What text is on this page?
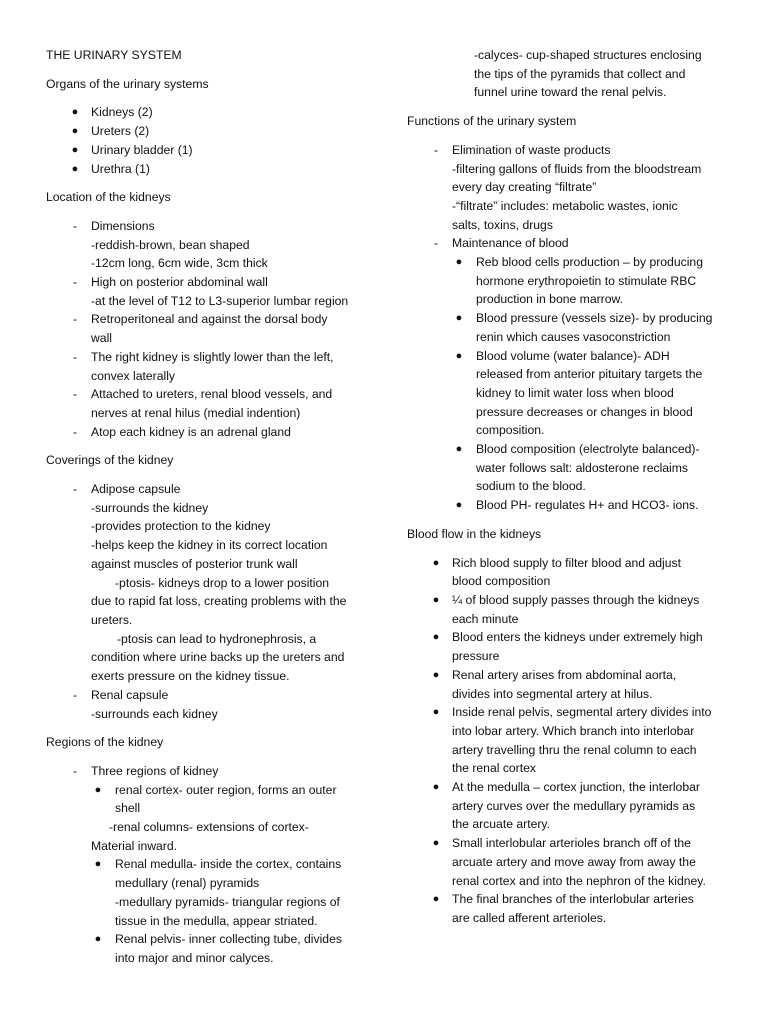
THE URINARY SYSTEM

Organs of the urinary systems

●	Kidneys (2)
●	Ureters (2)
●	Urinary bladder (1)
●	Urethra (1)

Location of the kidneys

-	Dimensions
-reddish-brown, bean shaped
-12cm long, 6cm wide, 3cm thick
-	High on posterior abdominal wall
-at the level of T12 to L3-superior lumbar region
-	Retroperitoneal and against the dorsal body
wall
-	The right kidney is slightly lower than the left,
convex laterally
-	Attached to ureters, renal blood vessels, and
nerves at renal hilus (medial indention)
-	Atop each kidney is an adrenal gland

Coverings of the kidney

-	Adipose capsule
-surrounds the kidney
-provides protection to the kidney
-helps keep the kidney in its correct location
against muscles of posterior trunk wall
-ptosis- kidneys drop to a lower position
due to rapid fat loss, creating problems with the
ureters.
-ptosis can lead to hydronephrosis, a
condition where urine backs up the ureters and
exerts pressure on the kidney tissue.
-	Renal capsule
-surrounds each kidney

Regions of the kidney

-	Three regions of kidney
● renal cortex- outer region, forms an outer
shell
-renal columns- extensions of cortex-
Material inward.
● Renal medulla- inside the cortex, contains
medullary (renal) pyramids
-medullary pyramids- triangular regions of
tissue in the medulla, appear striated.
● Renal pelvis- inner collecting tube, divides
into major and minor calyces.
-calyces- cup-shaped structures enclosing
the tips of the pyramids that collect and
funnel urine toward the renal pelvis.

Functions of the urinary system

-	Elimination of waste products
-filtering gallons of fluids from the bloodstream
every day creating “filtrate”
-“filtrate” includes: metabolic wastes, ionic
salts, toxins, drugs
-	Maintenance of blood
● Reb blood cells production – by producing
hormone erythropoietin to stimulate RBC
production in bone marrow.
● Blood pressure (vessels size)- by producing
renin which causes vasoconstriction
● Blood volume (water balance)- ADH
released from anterior pituitary targets the
kidney to limit water loss when blood
pressure decreases or changes in blood
composition.
● Blood composition (electrolyte balanced)-
water follows salt: aldosterone reclaims
sodium to the blood.
● Blood PH- regulates H+ and HCO3- ions.

Blood flow in the kidneys

●	Rich blood supply to filter blood and adjust
blood composition
●	¼ of blood supply passes through the kidneys
each minute
●	Blood enters the kidneys under extremely high
pressure
●	Renal artery arises from abdominal aorta,
divides into segmental artery at hilus.
●	Inside renal pelvis, segmental artery divides into
into lobar artery. Which branch into interlobar
artery travelling thru the renal column to each
the renal cortex
●	At the medulla – cortex junction, the interlobar
artery curves over the medullary pyramids as
the arcuate artery.
●	Small interlobular arterioles branch off of the
arcuate artery and move away from away the
renal cortex and into the nephron of the kidney.
●	The final branches of the interlobular arteries
are called afferent arterioles.
